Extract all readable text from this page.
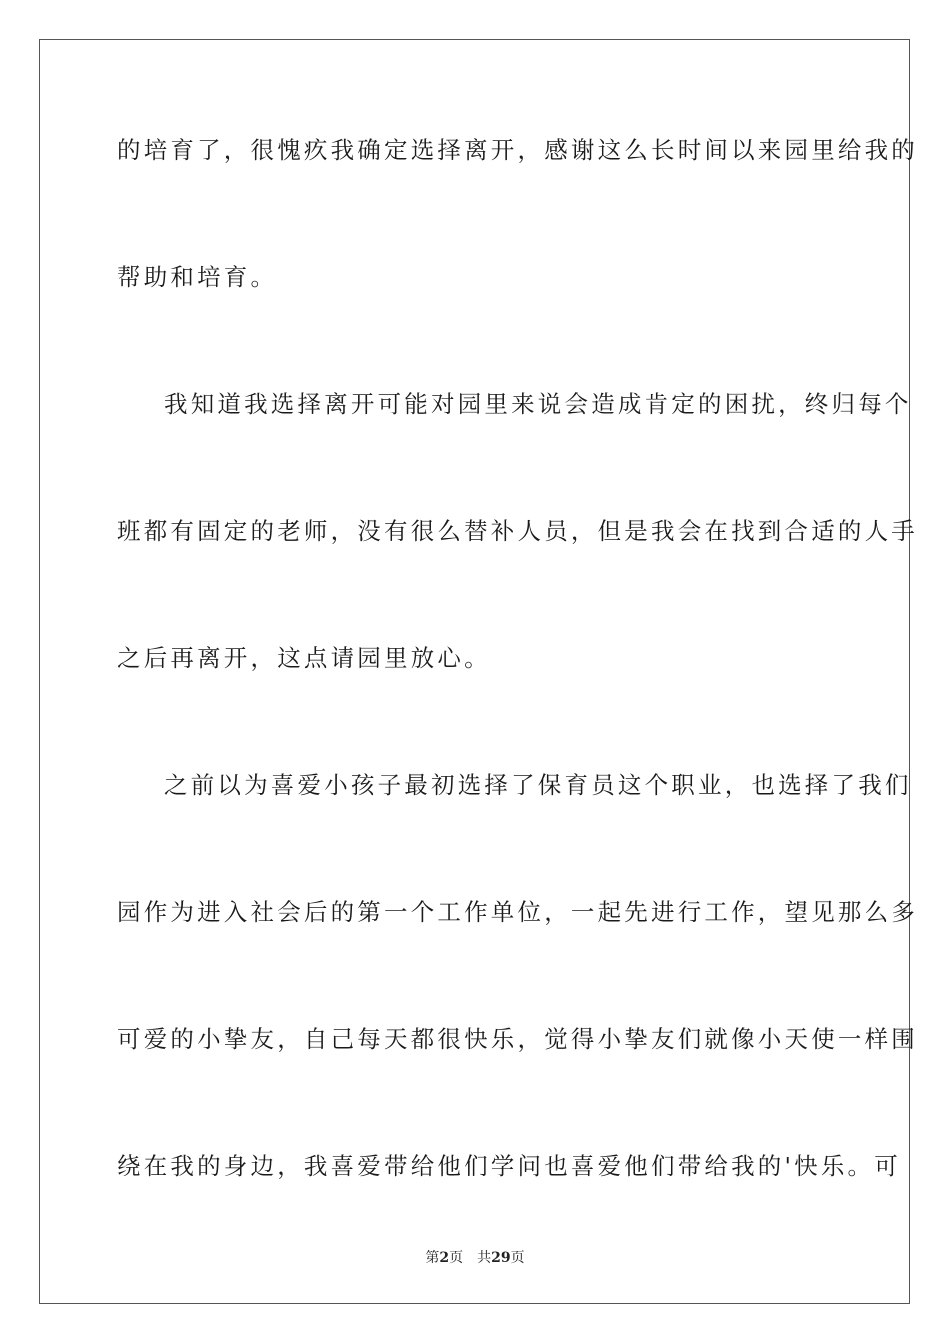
的培育了，很愧疚我确定选择离开，感谢这么长时间以来园里给我的
帮助和培育。
我知道我选择离开可能对园里来说会造成肯定的困扰，终归每个
班都有固定的老师，没有很么替补人员，但是我会在找到合适的人手
之后再离开，这点请园里放心。
之前以为喜爱小孩子最初选择了保育员这个职业，也选择了我们
园作为进入社会后的第一个工作单位，一起先进行工作，望见那么多
可爱的小挚友，自己每天都很快乐，觉得小挚友们就像小天使一样围
绕在我的身边，我喜爱带给他们学问也喜爱他们带给我的'快乐。可
第2页 共29页
